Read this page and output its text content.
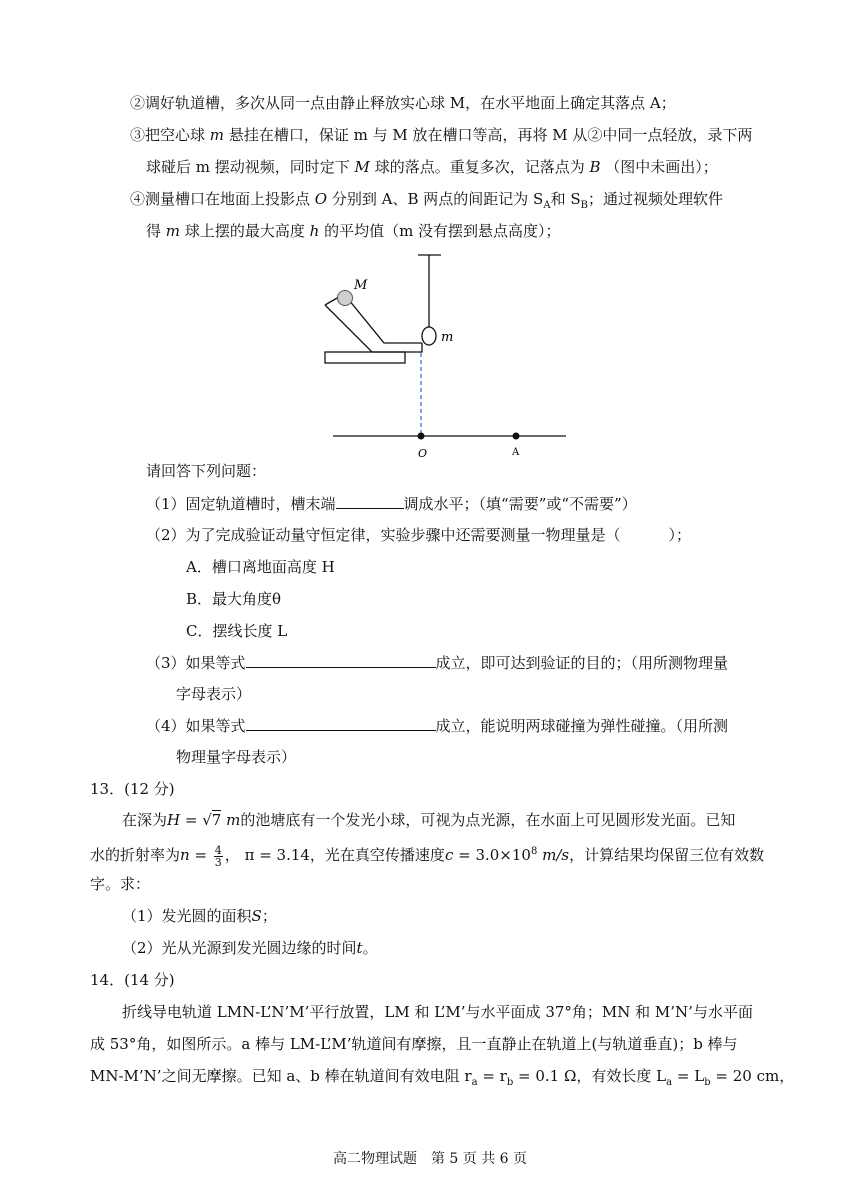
②调好轨道槽，多次从同一点由静止释放实心球 M，在水平地面上确定其落点 A；
③把空心球 m 悬挂在槽口，保证 m 与 M 放在槽口等高，再将 M 从②中同一点轻放，录下两
球碰后 m 摆动视频，同时定下 M 球的落点。重复多次，记落点为 B （图中未画出）；
④测量槽口在地面上投影点 O 分别到 A、B 两点的间距记为 $S_A$和 $S_B$；通过视频处理软件
得 m 球上摆的最大高度 h 的平均值（m 没有摆到悬点高度）；
m
M
O	A
请回答下列问题：
（1）固定轨道槽时，槽末端	调成水平；（填“需要”或“不需要”）
（2）为了完成验证动量守恒定律，实验步骤中还需要测量一物理量是（	）；
A．槽口离地面高度 H
B．最大角度θ
C．摆线长度 L
（3）如果等式	成立，即可达到验证的目的；（用所测物理量
字母表示）
（4）如果等式	成立，能说明两球碰撞为弹性碰撞。（用所测
物理量字母表示）
13．(12 分)
在深为H = √7 m的池塘底有一个发光小球，可视为点光源，在水面上可见圆形发光面。已知
水的折射率为$n = \frac{4}{3}$ ， π = 3.14，光在真空传播速度$c = 3.0\times 10^8$ m/s，计算结果均保留三位有效数
字。求：
（1）发光圆的面积S；
（2）光从光源到发光圆边缘的时间t。
14．(14 分)
折线导电轨道 LMN-L’N’M’平行放置，LM 和 L’M’与水平面成 37°角；MN 和 M’N’与水平面
成 53°角，如图所示。a 棒与 LM-L’M’轨道间有摩擦，且一直静止在轨道上(与轨道垂直)；b 棒与
MN-M’N’之间无摩擦。已知 a、b 棒在轨道间有效电阻 $r_a = r_b = 0.1$ Ω，有效长度 $L_a = L_b = 20$ cm，
高二物理试题　第 5 页 共 6 页
